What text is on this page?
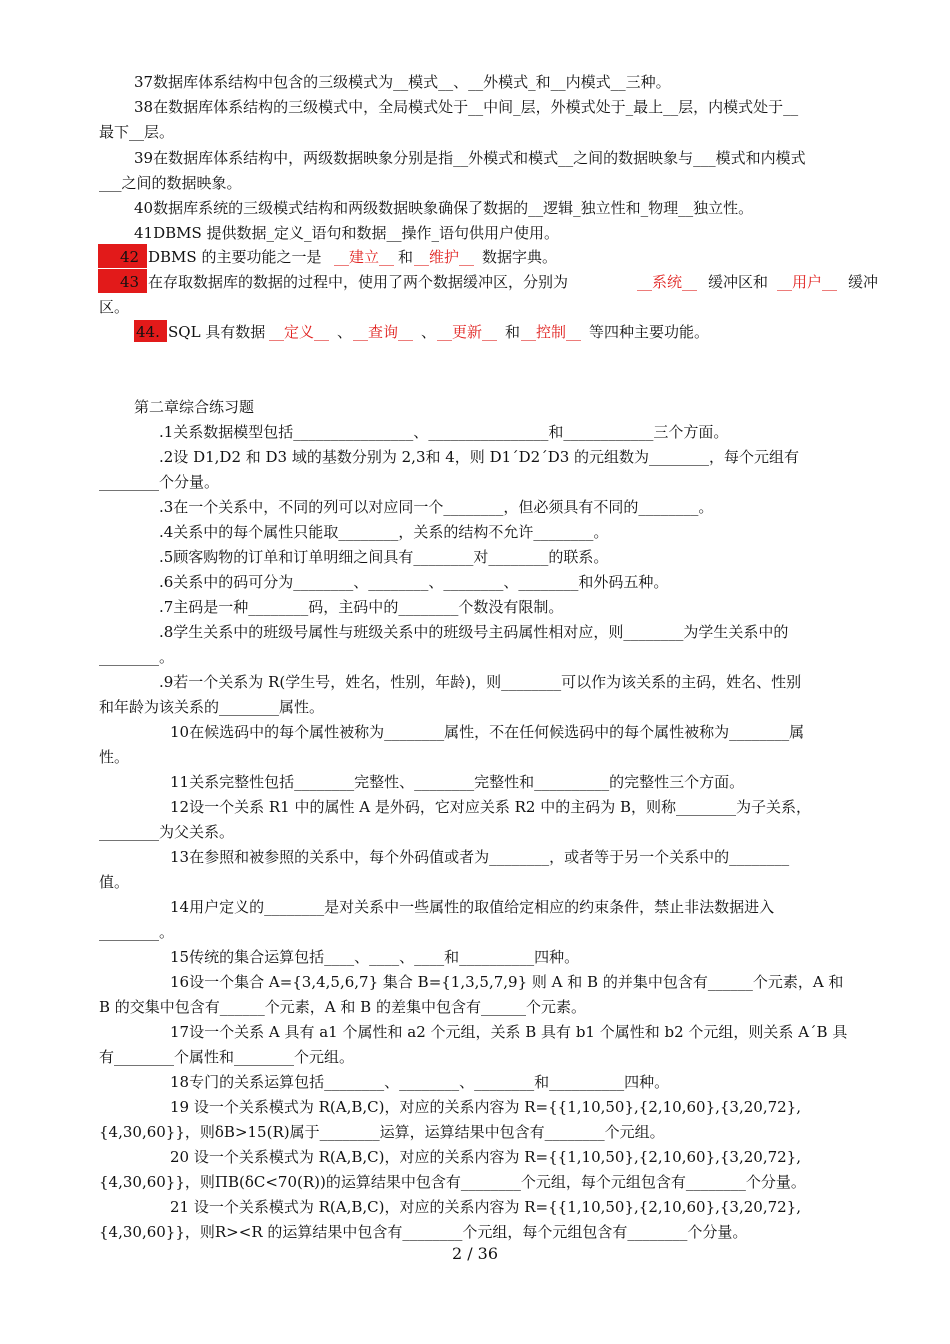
37数据库体系结构中包含的三级模式为__模式__、__外模式_和__内模式__三种。
38在数据库体系结构的三级模式中，全局模式处于__中间_层，外模式处于_最上__层，内模式处于__
最下__层。
39在数据库体系结构中，两级数据映象分别是指__外模式和模式__之间的数据映象与___模式和内模式
___之间的数据映象。
40数据库系统的三级模式结构和两级数据映象确保了数据的__逻辑_独立性和_物理__独立性。
41DBMS 提供数据_定义_语句和数据__操作_语句供用户使用。
42 DBMS 的主要功能之一是 __建立__ 和 __维护__ 数据字典。
43 在存取数据库的数据的过程中，使用了两个数据缓冲区，分别为	__系统__ 缓冲区和 __用户__ 缓冲
区。
44. SQL 具有数据 __定义__ 、 __查询__ 、 __更新__ 和 __控制__ 等四种主要功能。
第二章综合练习题
.1关系数据模型包括________________、________________和____________三个方面。
.2设 D1,D2 和 D3 域的基数分别为 2,3和 4，则 D1´D2´D3 的元组数为________，每个元组有
________个分量。
.3在一个关系中，不同的列可以对应同一个________，但必须具有不同的________。
.4关系中的每个属性只能取________，关系的结构不允许________。
.5顾客购物的订单和订单明细之间具有________对________的联系。
.6关系中的码可分为________、________、________、________和外码五种。
.7主码是一种________码，主码中的________个数没有限制。
.8学生关系中的班级号属性与班级关系中的班级号主码属性相对应，则________为学生关系中的
________。
.9若一个关系为 R(学生号，姓名，性别，年龄)，则________可以作为该关系的主码，姓名、性别
和年龄为该关系的________属性。
10在候选码中的每个属性被称为________属性，不在任何候选码中的每个属性被称为________属
性。
11关系完整性包括________完整性、________完整性和__________的完整性三个方面。
12设一个关系 R1 中的属性 A 是外码，它对应关系 R2 中的主码为 B，则称________为子关系，
________为父关系。
13在参照和被参照的关系中，每个外码值或者为________，或者等于另一个关系中的________
值。
14用户定义的________是对关系中一些属性的取值给定相应的约束条件，禁止非法数据进入
________。
15传统的集合运算包括____、____、____和__________四种。
16设一个集合 A={3,4,5,6,7} 集合 B={1,3,5,7,9} 则 A 和 B 的并集中包含有______个元素，A 和
B 的交集中包含有______个元素，A 和 B 的差集中包含有______个元素。
17设一个关系 A 具有 a1 个属性和 a2 个元组，关系 B 具有 b1 个属性和 b2 个元组，则关系 A´B 具
有________个属性和________个元组。
18专门的关系运算包括________、________、________和__________四种。
19 设一个关系模式为 R(A,B,C)，对应的关系内容为 R={{1,10,50},{2,10,60},{3,20,72},
{4,30,60}}，则δB>15(R)属于________运算，运算结果中包含有________个元组。
20 设一个关系模式为 R(A,B,C)，对应的关系内容为 R={{1,10,50},{2,10,60},{3,20,72},
{4,30,60}}，则ΠB(δC<70(R))的运算结果中包含有________个元组，每个元组包含有________个分量。
21 设一个关系模式为 R(A,B,C)，对应的关系内容为 R={{1,10,50},{2,10,60},{3,20,72},
{4,30,60}}，则R><R 的运算结果中包含有________个元组，每个元组包含有________个分量。
2 / 36
